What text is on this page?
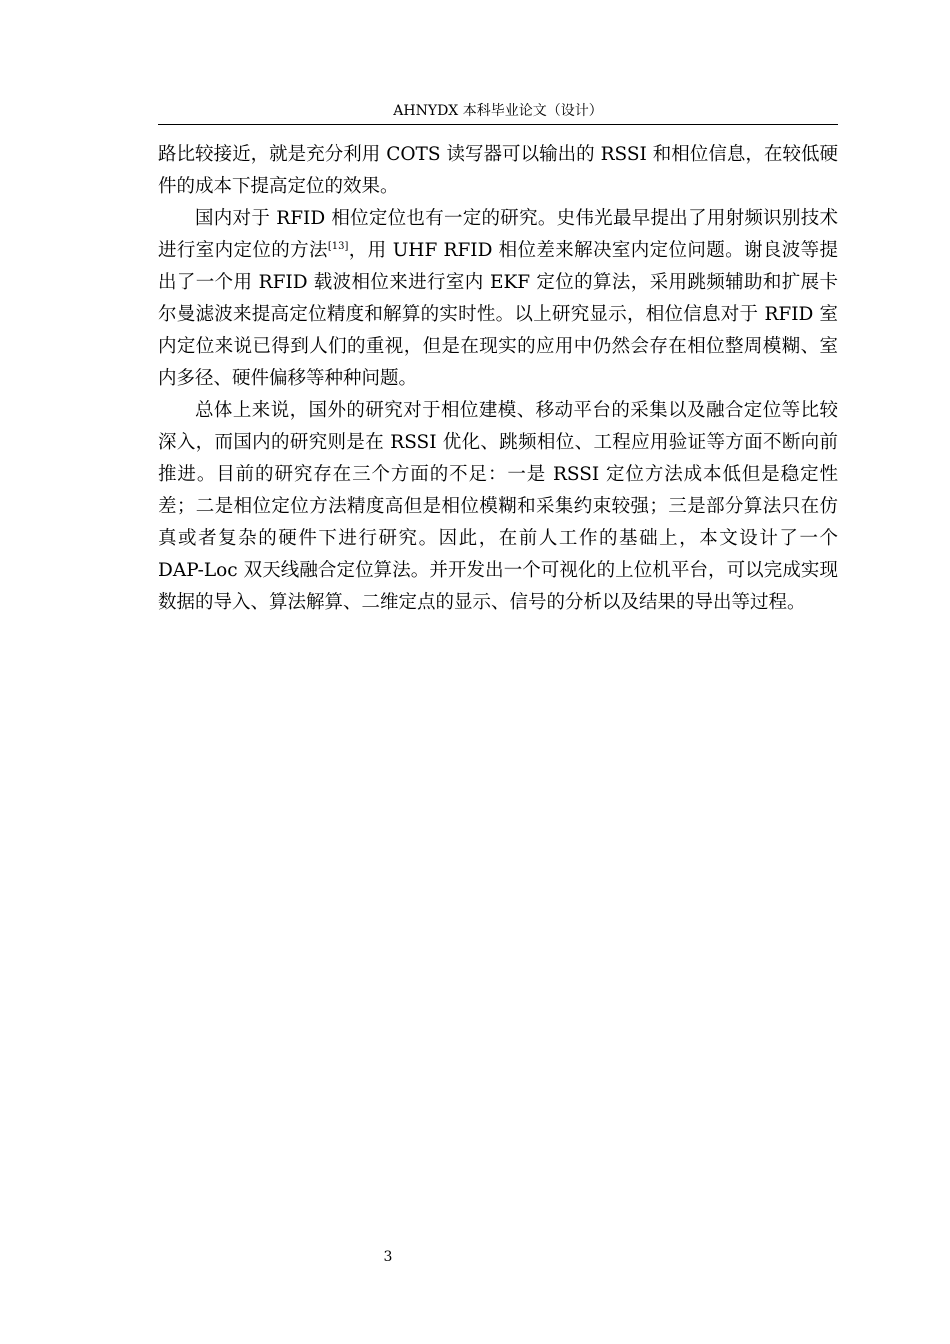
AHNYDX 本科毕业论文（设计）

路比较接近，就是充分利用 COTS 读写器可以输出的 RSSI 和相位信息，在较低硬件的成本下提高定位的效果。

国内对于 RFID 相位定位也有一定的研究。史伟光最早提出了用射频识别技术进行室内定位的方法[13]，用 UHF RFID 相位差来解决室内定位问题。谢良波等提出了一个用 RFID 载波相位来进行室内 EKF 定位的算法，采用跳频辅助和扩展卡尔曼滤波来提高定位精度和解算的实时性。以上研究显示，相位信息对于 RFID 室内定位来说已得到人们的重视，但是在现实的应用中仍然会存在相位整周模糊、室内多径、硬件偏移等种种问题。

总体上来说，国外的研究对于相位建模、移动平台的采集以及融合定位等比较深入，而国内的研究则是在 RSSI 优化、跳频相位、工程应用验证等方面不断向前推进。目前的研究存在三个方面的不足：一是 RSSI 定位方法成本低但是稳定性差；二是相位定位方法精度高但是相位模糊和采集约束较强；三是部分算法只在仿真或者复杂的硬件下进行研究。因此，在前人工作的基础上，本文设计了一个 DAP-Loc 双天线融合定位算法。并开发出一个可视化的上位机平台，可以完成实现数据的导入、算法解算、二维定点的显示、信号的分析以及结果的导出等过程。

3
